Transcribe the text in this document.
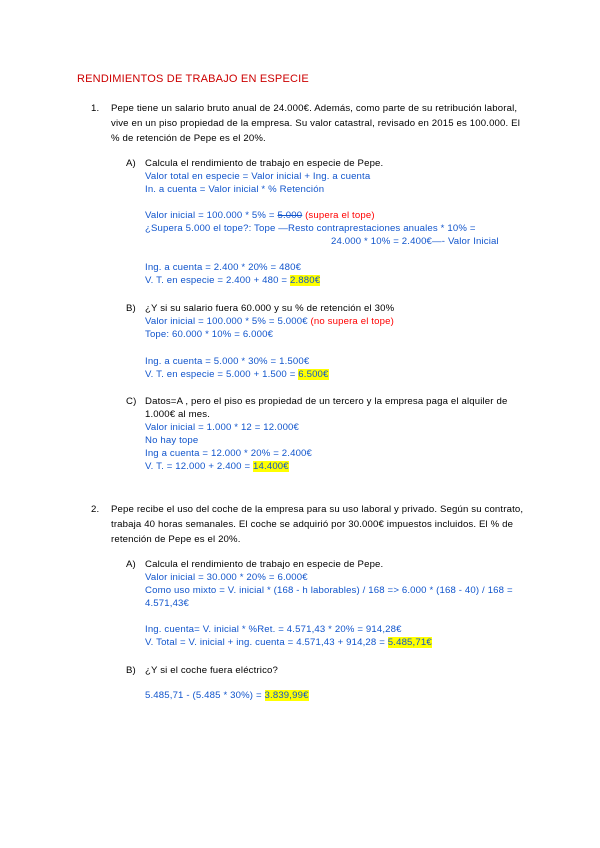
RENDIMIENTOS DE TRABAJO EN ESPECIE
1. Pepe tiene un salario bruto anual de 24.000€. Además, como parte de su retribución laboral,
vive en un piso propiedad de la empresa. Su valor catastral, revisado en 2015 es 100.000. El
% de retención de Pepe es el 20%.
A) Calcula el rendimiento de trabajo en especie de Pepe.
Valor total en especie = Valor inicial + Ing. a cuenta
In. a cuenta = Valor inicial * % Retención
Valor inicial = 100.000 * 5% = 5.000 (supera el tope)
¿Supera 5.000 el tope?: Tope —Resto contraprestaciones anuales * 10% =
24.000 * 10% = 2.400€—- Valor Inicial
Ing. a cuenta = 2.400 * 20% = 480€
V. T. en especie = 2.400 + 480 = 2.880€
B) ¿Y si su salario fuera 60.000 y su % de retención el 30%
Valor inicial = 100.000 * 5% = 5.000€ (no supera el tope)
Tope: 60.000 * 10% = 6.000€
Ing. a cuenta = 5.000 * 30% = 1.500€
V. T. en especie = 5.000 + 1.500 = 6.500€
C) Datos=A , pero el piso es propiedad de un tercero y la empresa paga el alquiler de
1.000€ al mes.
Valor inicial = 1.000 * 12 = 12.000€
No hay tope
Ing a cuenta = 12.000 * 20% = 2.400€
V. T. = 12.000 + 2.400 = 14.400€
2. Pepe recibe el uso del coche de la empresa para su uso laboral y privado. Según su contrato,
trabaja 40 horas semanales. El coche se adquirió por 30.000€ impuestos incluidos. El % de
retención de Pepe es el 20%.
A) Calcula el rendimiento de trabajo en especie de Pepe.
Valor inicial = 30.000 * 20% = 6.000€
Como uso mixto = V. inicial * (168 - h laborables) / 168 => 6.000 * (168 - 40) / 168 =
4.571,43€
Ing. cuenta= V. inicial * %Ret. = 4.571,43 * 20% = 914,28€
V. Total = V. inicial + ing. cuenta = 4.571,43 + 914,28 = 5.485,71€
B) ¿Y si el coche fuera eléctrico?
5.485,71 - (5.485 * 30%) = 3.839,99€
